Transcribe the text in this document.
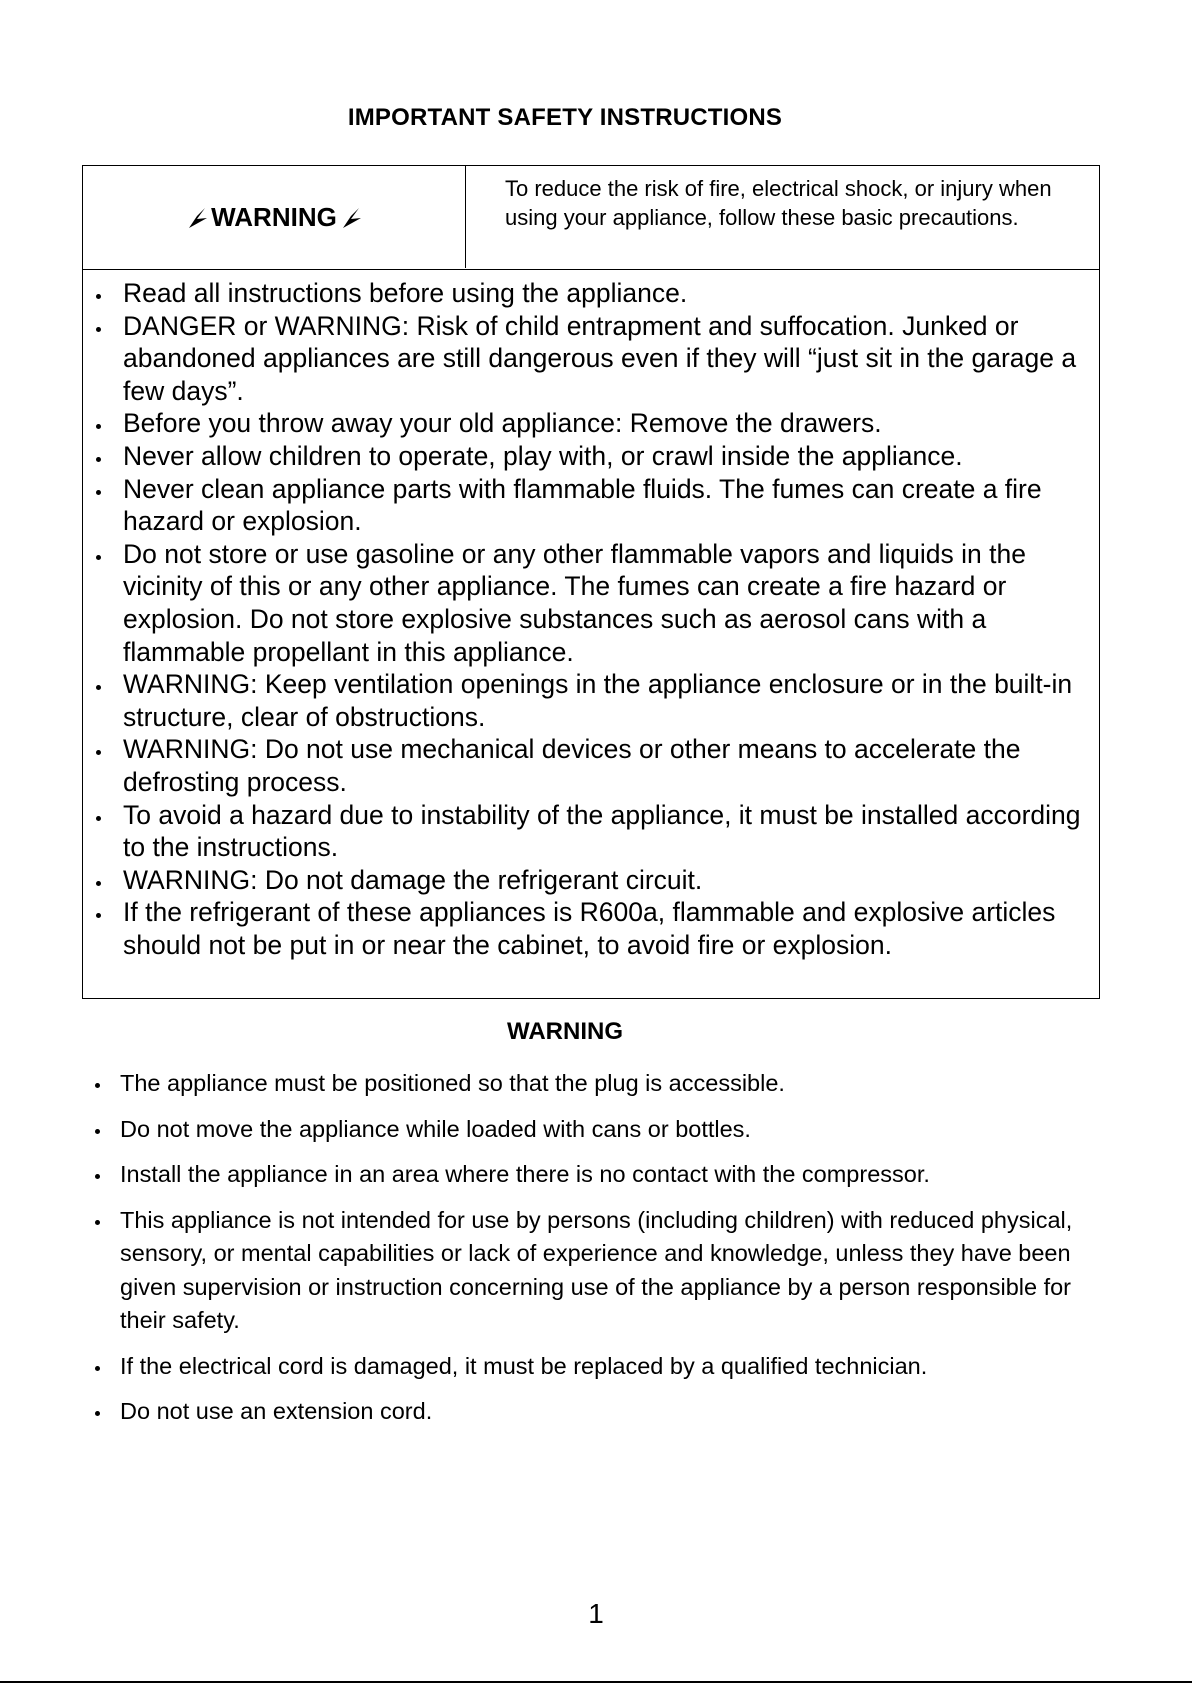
IMPORTANT SAFETY INSTRUCTIONS
WARNING
To reduce the risk of fire, electrical shock, or injury when using your appliance, follow these basic precautions.
Read all instructions before using the appliance.
DANGER or WARNING: Risk of child entrapment and suffocation. Junked or abandoned appliances are still dangerous even if they will “just sit in the garage a few days”.
Before you throw away your old appliance: Remove the drawers.
Never allow children to operate, play with, or crawl inside the appliance.
Never clean appliance parts with flammable fluids. The fumes can create a fire hazard or explosion.
Do not store or use gasoline or any other flammable vapors and liquids in the vicinity of this or any other appliance. The fumes can create a fire hazard or explosion. Do not store explosive substances such as aerosol cans with a flammable propellant in this appliance.
WARNING: Keep ventilation openings in the appliance enclosure or in the built-in structure, clear of obstructions.
WARNING: Do not use mechanical devices or other means to accelerate the defrosting process.
To avoid a hazard due to instability of the appliance, it must be installed according to the instructions.
WARNING: Do not damage the refrigerant circuit.
If the refrigerant of these appliances is R600a, flammable and explosive articles should not be put in or near the cabinet, to avoid fire or explosion.
WARNING
The appliance must be positioned so that the plug is accessible.
Do not move the appliance while loaded with cans or bottles.
Install the appliance in an area where there is no contact with the compressor.
This appliance is not intended for use by persons (including children) with reduced physical, sensory, or mental capabilities or lack of experience and knowledge, unless they have been given supervision or instruction concerning use of the appliance by a person responsible for their safety.
If the electrical cord is damaged, it must be replaced by a qualified technician.
Do not use an extension cord.
1
